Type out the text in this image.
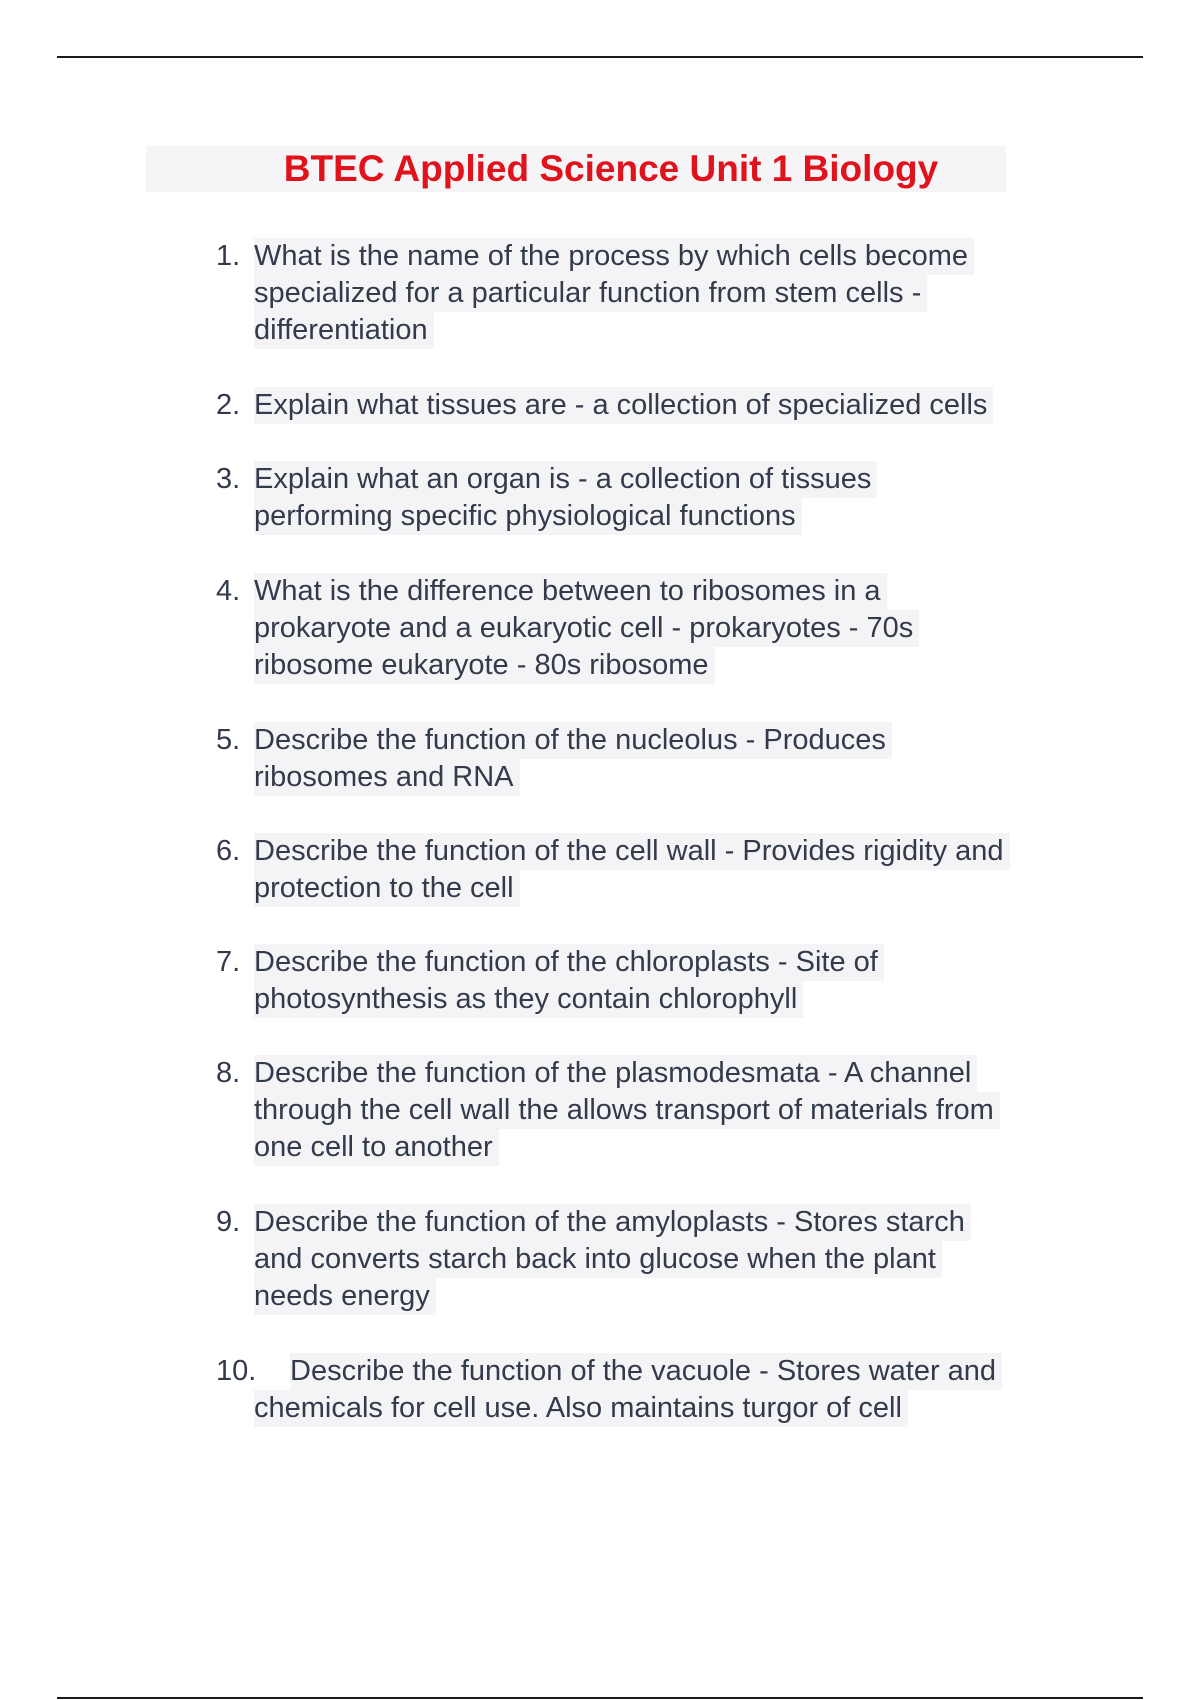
BTEC Applied Science Unit 1 Biology
1. What is the name of the process by which cells become
specialized for a particular function from stem cells -
differentiation
2. Explain what tissues are - a collection of specialized cells
3. Explain what an organ is - a collection of tissues
performing specific physiological functions
4. What is the difference between to ribosomes in a
prokaryote and a eukaryotic cell - prokaryotes - 70s
ribosome eukaryote - 80s ribosome
5. Describe the function of the nucleolus - Produces
ribosomes and RNA
6. Describe the function of the cell wall - Provides rigidity and
protection to the cell
7. Describe the function of the chloroplasts - Site of
photosynthesis as they contain chlorophyll
8. Describe the function of the plasmodesmata - A channel
through the cell wall the allows transport of materials from
one cell to another
9. Describe the function of the amyloplasts - Stores starch
and converts starch back into glucose when the plant
needs energy
10. Describe the function of the vacuole - Stores water and
chemicals for cell use. Also maintains turgor of cell
